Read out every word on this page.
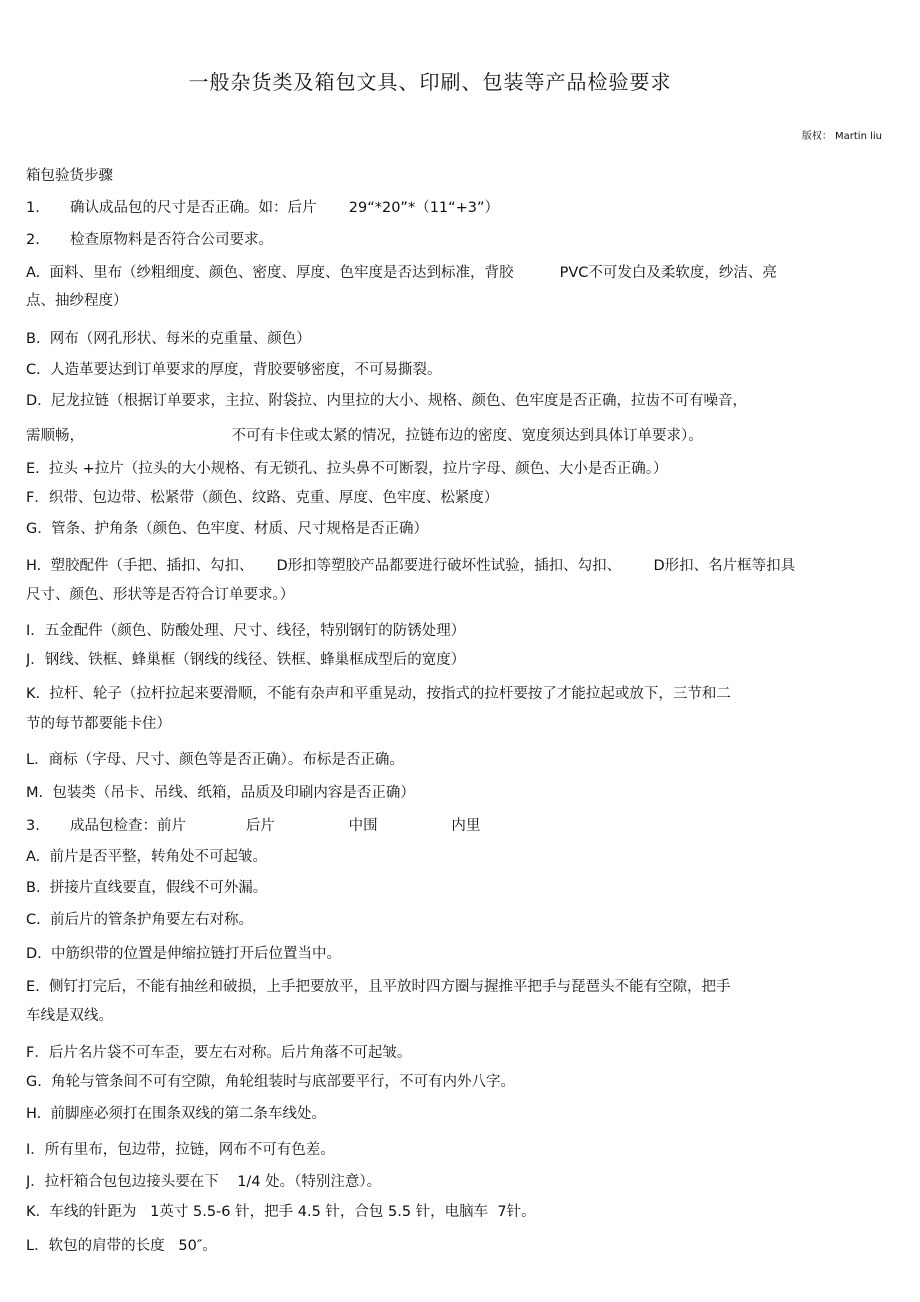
一般杂货类及箱包文具、印刷、包装等产品检验要求
版权： Martin liu
箱包验货步骤
1. 确认成品包的尺寸是否正确。如：后片       29“*20”*（11“+3”）
2. 检查原物料是否符合公司要求。
A.  面料、里布（纱粗细度、颜色、密度、厚度、色牢度是否达到标准，背胶          PVC不可发白及柔软度，纱洁、亮
点、抽纱程度）
B.  网布（网孔形状、每米的克重量、颜色）
C.  人造革要达到订单要求的厚度，背胶要够密度，不可易撕裂。
D.  尼龙拉链（根据订单要求，主拉、附袋拉、内里拉的大小、规格、颜色、色牢度是否正确，拉齿不可有噪音，
需顺畅，                                不可有卡住或太紧的情况，拉链布边的密度、宽度须达到具体订单要求）。
E.  拉头 +拉片（拉头的大小规格、有无锁孔、拉头鼻不可断裂，拉片字母、颜色、大小是否正确。）
F．织带、包边带、松紧带（颜色、纹路、克重、厚度、色牢度、松紧度）
G.  管条、护角条（颜色、色牢度、材质、尺寸规格是否正确）
H.  塑胶配件（手把、插扣、勾扣、     D形扣等塑胶产品都要进行破坏性试验，插扣、勾扣、       D形扣、名片框等扣具
尺寸、颜色、形状等是否符合订单要求。）
I．五金配件（颜色、防酸处理、尺寸、线径，特别钢钉的防锈处理）
J．钢线、铁框、蜂巢框（钢线的线径、铁框、蜂巢框成型后的宽度）
K.  拉杆、轮子（拉杆拉起来要滑顺，不能有杂声和平重晃动，按指式的拉杆要按了才能拉起或放下，三节和二
节的每节都要能卡住）
L．商标（字母、尺寸、颜色等是否正确）。布标是否正确。
M.  包装类（吊卡、吊线、纸箱，品质及印刷内容是否正确）
3. 成品包检查：前片             后片                中围                内里
A.  前片是否平整，转角处不可起皱。
B.  拼接片直线要直，假线不可外漏。
C.  前后片的管条护角要左右对称。
D.  中筋织带的位置是伸缩拉链打开后位置当中。
E.  侧钉打完后，不能有抽丝和破损，上手把要放平，且平放时四方圈与握推平把手与琵琶头不能有空隙，把手
车线是双线。
F．后片名片袋不可车歪，要左右对称。后片角落不可起皱。
G.  角轮与管条间不可有空隙，角轮组装时与底部要平行，不可有内外八字。
H.  前脚座必须打在围条双线的第二条车线处。
I．所有里布，包边带，拉链，网布不可有色差。
J．拉杆箱合包包边接头要在下    1/4 处。（特别注意）。
K.  车线的针距为   1英寸 5.5-6 针，把手 4.5 针，合包 5.5 针，电脑车  7针。
L．软包的肩带的长度   50″。
